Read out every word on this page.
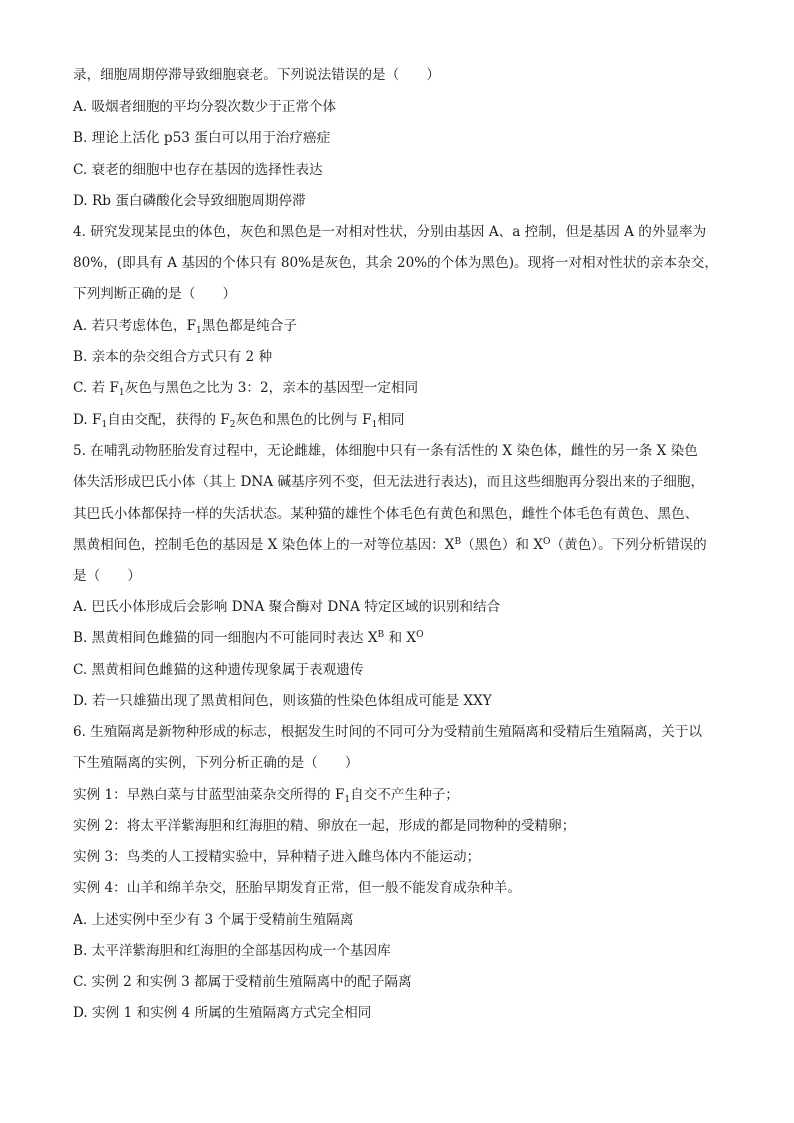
录，细胞周期停滞导致细胞衰老。下列说法错误的是（　　）
A. 吸烟者细胞的平均分裂次数少于正常个体
B. 理论上活化 p53 蛋白可以用于治疗癌症
C. 衰老的细胞中也存在基因的选择性表达
D. Rb 蛋白磷酸化会导致细胞周期停滞
4. 研究发现某昆虫的体色，灰色和黑色是一对相对性状，分别由基因 A、a 控制，但是基因 A 的外显率为
80%，(即具有 A 基因的个体只有 80%是灰色，其余 20%的个体为黑色)。现将一对相对性状的亲本杂交，
下列判断正确的是（　　）
A. 若只考虑体色，$F_1$黑色都是纯合子
B. 亲本的杂交组合方式只有 2 种
C. 若 $F_1$灰色与黑色之比为 3：2，亲本的基因型一定相同
D. $F_1$自由交配，获得的 $F_2$灰色和黑色的比例与 $F_1$相同
5. 在哺乳动物胚胎发育过程中，无论雌雄，体细胞中只有一条有活性的 X 染色体，雌性的另一条 X 染色
体失活形成巴氏小体（其上 DNA 碱基序列不变，但无法进行表达)，而且这些细胞再分裂出来的子细胞，
其巴氏小体都保持一样的失活状态。某种猫的雄性个体毛色有黄色和黑色，雌性个体毛色有黄色、黑色、
黑黄相间色，控制毛色的基因是 X 染色体上的一对等位基因：$X^B$（黑色）和 $X^O$（黄色）。下列分析错误的
是（　　）
A. 巴氏小体形成后会影响 DNA 聚合酶对 DNA 特定区域的识别和结合
B. 黑黄相间色雌猫的同一细胞内不可能同时表达 $X^B$ 和 $X^O$
C. 黑黄相间色雌猫的这种遗传现象属于表观遗传
D. 若一只雄猫出现了黑黄相间色，则该猫的性染色体组成可能是 XXY
6. 生殖隔离是新物种形成的标志，根据发生时间的不同可分为受精前生殖隔离和受精后生殖隔离，关于以
下生殖隔离的实例，下列分析正确的是（　　）
实例 1：早熟白菜与甘蓝型油菜杂交所得的 $F_1$自交不产生种子；
实例 2：将太平洋紫海胆和红海胆的精、卵放在一起，形成的都是同物种的受精卵；
实例 3：鸟类的人工授精实验中，异种精子进入雌鸟体内不能运动；
实例 4：山羊和绵羊杂交，胚胎早期发育正常，但一般不能发育成杂种羊。
A. 上述实例中至少有 3 个属于受精前生殖隔离
B. 太平洋紫海胆和红海胆的全部基因构成一个基因库
C. 实例 2 和实例 3 都属于受精前生殖隔离中的配子隔离
D. 实例 1 和实例 4 所属的生殖隔离方式完全相同
